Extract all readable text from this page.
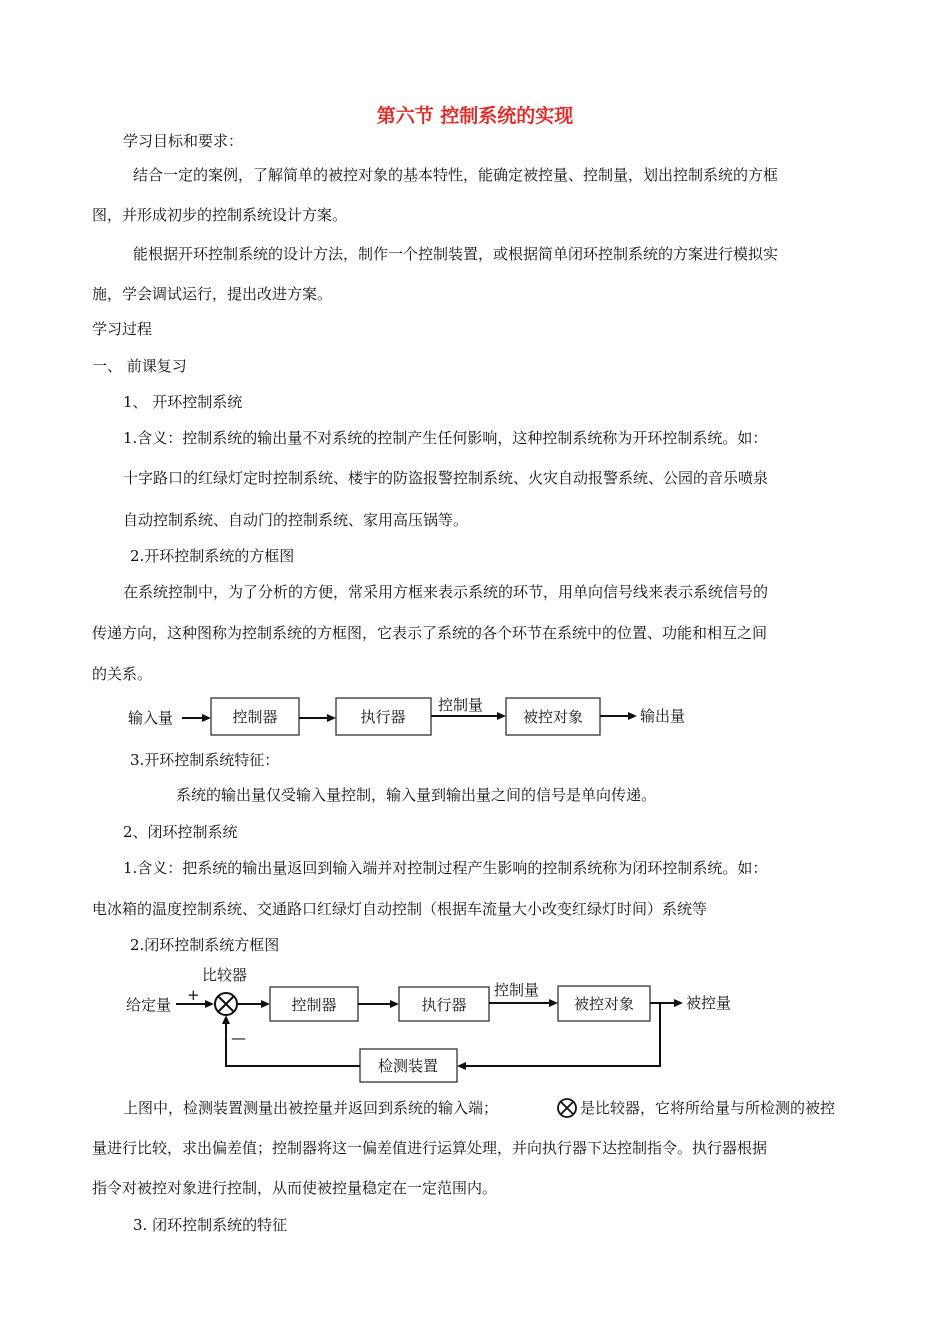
第六节 控制系统的实现
学习目标和要求：
结合一定的案例，了解简单的被控对象的基本特性，能确定被控量、控制量，划出控制系统的方框
图，并形成初步的控制系统设计方案。
能根据开环控制系统的设计方法，制作一个控制装置，或根据简单闭环控制系统的方案进行模拟实
施，学会调试运行，提出改进方案。
学习过程
一、 前课复习
1、 开环控制系统
1.含义：控制系统的输出量不对系统的控制产生任何影响，这种控制系统称为开环控制系统。如：
十字路口的红绿灯定时控制系统、楼宇的防盗报警控制系统、火灾自动报警系统、公园的音乐喷泉
自动控制系统、自动门的控制系统、家用高压锅等。
2.开环控制系统的方框图
在系统控制中，为了分析的方便，常采用方框来表示系统的环节，用单向信号线来表示系统信号的
传递方向，这种图称为控制系统的方框图，它表示了系统的各个环节在系统中的位置、功能和相互之间
的关系。
输入量	控制器	执行器
控制量
被控对象	输出量
3.开环控制系统特征：
系统的输出量仅受输入量控制，输入量到输出量之间的信号是单向传递。
2、闭环控制系统
1.含义：把系统的输出量返回到输入端并对控制过程产生影响的控制系统称为闭环控制系统。如：
电冰箱的温度控制系统、交通路口红绿灯自动控制（根据车流量大小改变红绿灯时间）系统等
2.闭环控制系统方框图
比较器
+
给定量	控制器	执行器
控制量
被控对象	被控量
检测装置
—
上图中，检测装置测量出被控量并返回到系统的输入端；	是比较器，它将所给量与所检测的被控
量进行比较，求出偏差值；控制器将这一偏差值进行运算处理，并向执行器下达控制指令。执行器根据
指令对被控对象进行控制，从而使被控量稳定在一定范围内。
3. 闭环控制系统的特征
